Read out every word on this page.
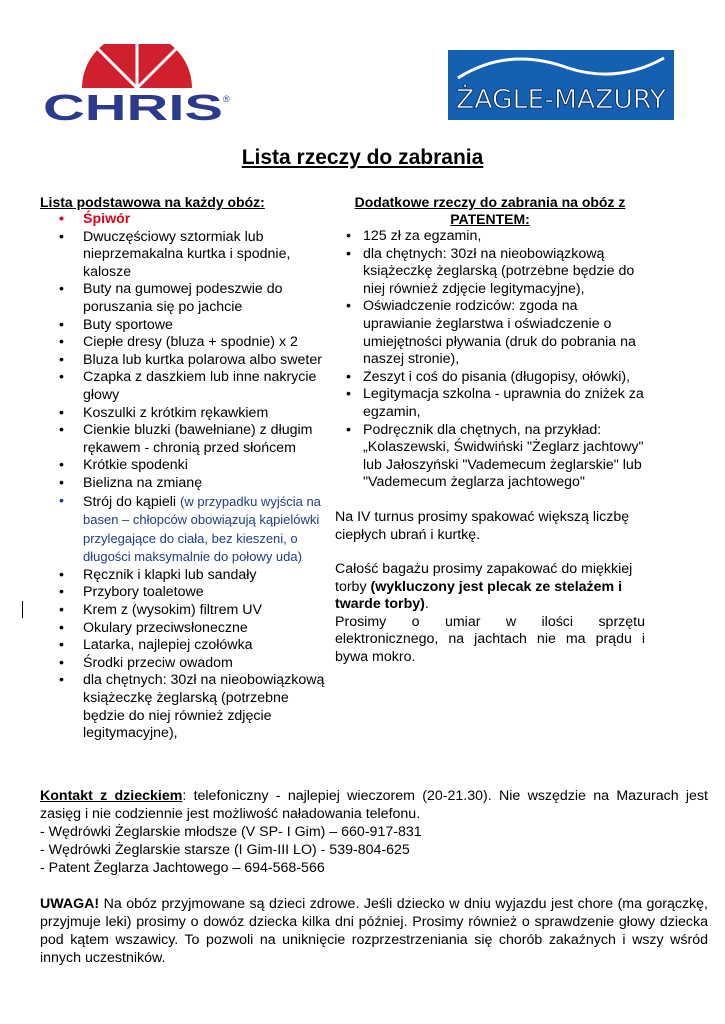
CHRIS ®	ŻAGLE-MAZURY
Lista rzeczy do zabrania
Lista podstawowa na każdy obóz:
• Śpiwór
• Dwuczęściowy sztormiak lub nieprzemakalna kurtka i spodnie, kalosze
• Buty na gumowej podeszwie do poruszania się po jachcie
• Buty sportowe
• Ciepłe dresy (bluza + spodnie) x 2
• Bluza lub kurtka polarowa albo sweter
• Czapka z daszkiem lub inne nakrycie głowy
• Koszulki z krótkim rękawkiem
• Cienkie bluzki (bawełniane) z długim rękawem - chronią przed słońcem
• Krótkie spodenki
• Bielizna na zmianę
• Strój do kąpieli (w przypadku wyjścia na basen – chłopców obowiązują kąpielówki przylegające do ciała, bez kieszeni, o długości maksymalnie do połowy uda)
• Ręcznik i klapki lub sandały
• Przybory toaletowe
• Krem z (wysokim) filtrem UV
• Okulary przeciwsłoneczne
• Latarka, najlepiej czołówka
• Środki przeciw owadom
• dla chętnych: 30zł na nieobowiązkową książeczkę żeglarską (potrzebne będzie do niej również zdjęcie legitymacyjne),
Dodatkowe rzeczy do zabrania na obóz z PATENTEM:
• 125 zł za egzamin,
• dla chętnych: 30zł na nieobowiązkową książeczkę żeglarską (potrzebne będzie do niej również zdjęcie legitymacyjne),
• Oświadczenie rodziców: zgoda na uprawianie żeglarstwa i oświadczenie o umiejętności pływania (druk do pobrania na naszej stronie),
• Zeszyt i coś do pisania (długopisy, ołówki),
• Legitymacja szkolna - uprawnia do zniżek za egzamin,
• Podręcznik dla chętnych, na przykład: „Kolaszewski, Świdwiński "Żeglarz jachtowy" lub Jałoszyński "Vademecum żeglarskie" lub "Vademecum żeglarza jachtowego"

Na IV turnus prosimy spakować większą liczbę ciepłych ubrań i kurtkę.

Całość bagażu prosimy zapakować do miękkiej torby (wykluczony jest plecak ze stelażem i twarde torby).

Prosimy o umiar w ilości sprzętu

elektronicznego, na jachtach nie ma prądu i

bywa mokro.

Kontakt z dzieckiem: telefoniczny - najlepiej wieczorem (20-21.30). Nie wszędzie na Mazurach jest zasięg i nie codziennie jest możliwość naładowania telefonu.

- Wędrówki Żeglarskie młodsze (V SP- I Gim) – 660-917-831

- Wędrówki Żeglarskie starsze (I Gim-III LO) - 539-804-625

- Patent Żeglarza Jachtowego – 694-568-566

UWAGA! Na obóz przyjmowane są dzieci zdrowe. Jeśli dziecko w dniu wyjazdu jest chore (ma gorączkę, przyjmuje leki) prosimy o dowóz dziecka kilka dni później. Prosimy również o sprawdzenie głowy dziecka pod kątem wszawicy. To pozwoli na uniknięcie rozprzestrzeniania się chorób zakaźnych i wszy wśród innych uczestników.
